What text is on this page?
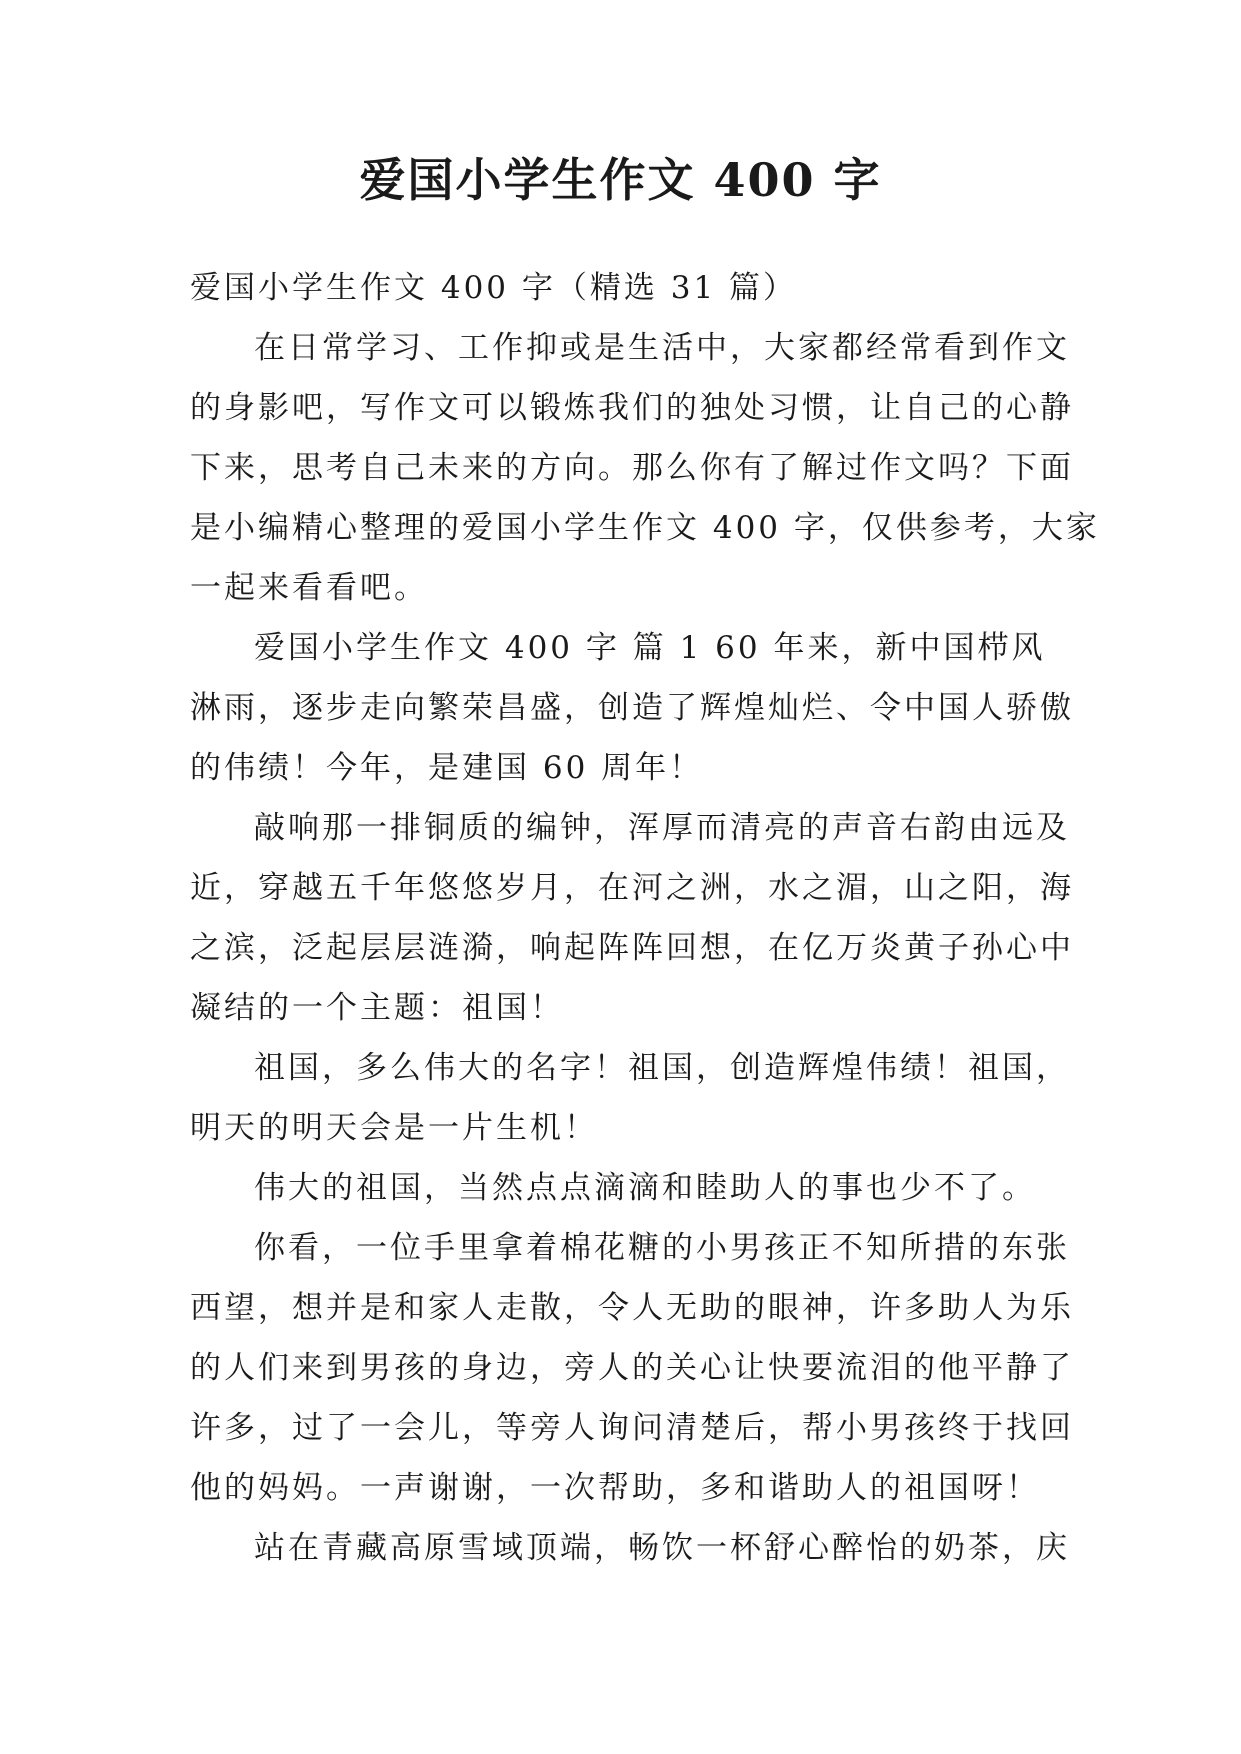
爱国小学生作文 400 字
爱国小学生作文 400 字（精选 31 篇）
在日常学习、工作抑或是生活中，大家都经常看到作文
的身影吧，写作文可以锻炼我们的独处习惯，让自己的心静
下来，思考自己未来的方向。那么你有了解过作文吗？下面
是小编精心整理的爱国小学生作文 400 字，仅供参考，大家
一起来看看吧。
爱国小学生作文 400 字 篇 1 60 年来，新中国栉风
淋雨，逐步走向繁荣昌盛，创造了辉煌灿烂、令中国人骄傲
的伟绩！今年，是建国 60 周年！
敲响那一排铜质的编钟，浑厚而清亮的声音右韵由远及
近，穿越五千年悠悠岁月，在河之洲，水之湄，山之阳，海
之滨，泛起层层涟漪，响起阵阵回想，在亿万炎黄子孙心中
凝结的一个主题：祖国！
祖国，多么伟大的名字！祖国，创造辉煌伟绩！祖国，
明天的明天会是一片生机！
伟大的祖国，当然点点滴滴和睦助人的事也少不了。
你看，一位手里拿着棉花糖的小男孩正不知所措的东张
西望，想并是和家人走散，令人无助的眼神，许多助人为乐
的人们来到男孩的身边，旁人的关心让快要流泪的他平静了
许多，过了一会儿，等旁人询问清楚后，帮小男孩终于找回
他的妈妈。一声谢谢，一次帮助，多和谐助人的祖国呀！
站在青藏高原雪域顶端，畅饮一杯舒心醉怡的奶茶，庆
